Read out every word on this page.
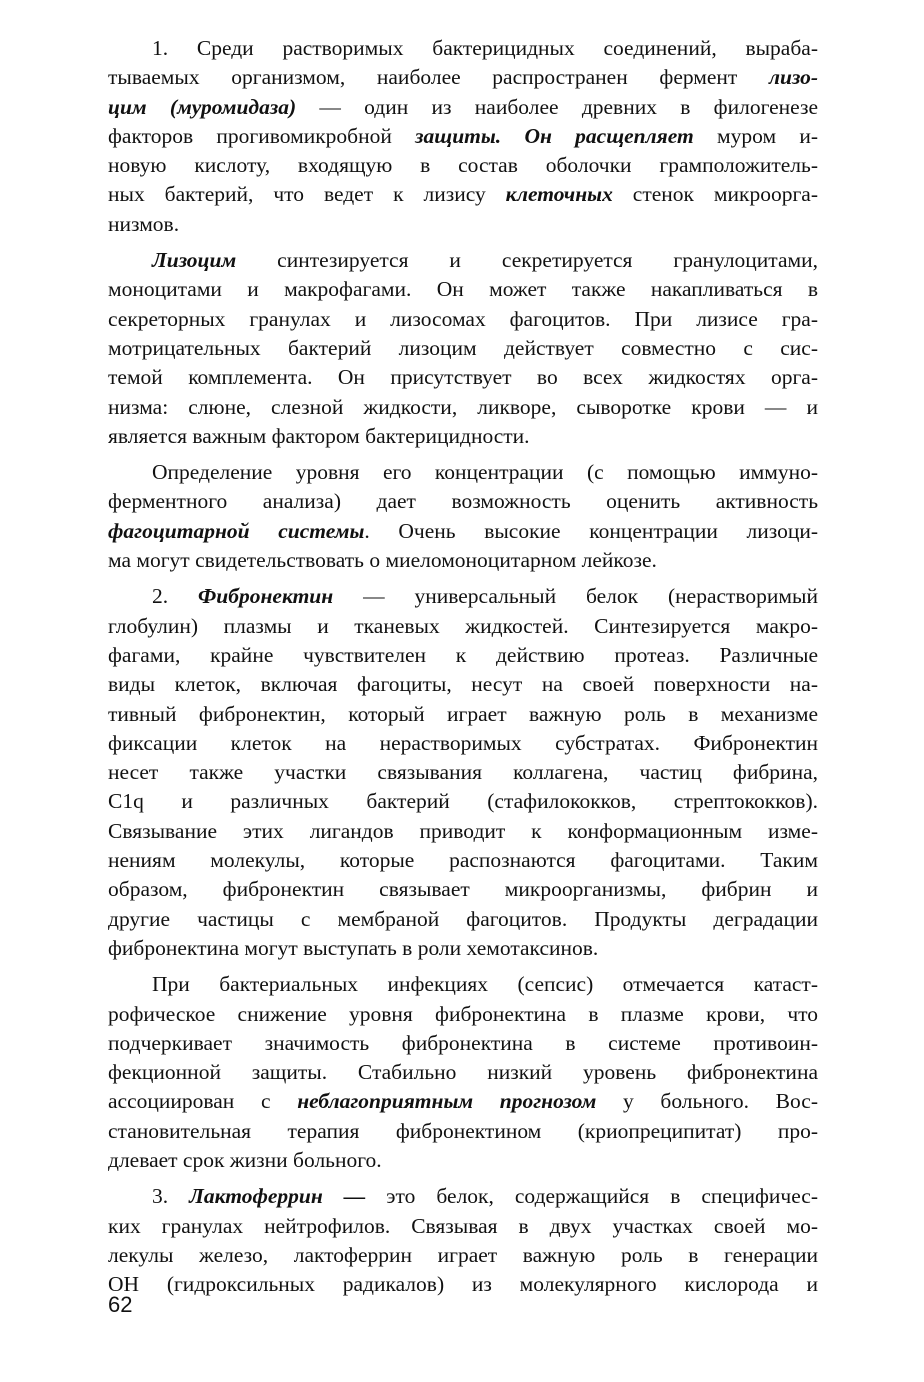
1. Среди растворимых бактерицидных соединений, выраба-
тываемых организмом, наиболее распространен фермент лизо-
цим (муромидаза) — один из наиболее древних в филогенезе
факторов прогивомикробной защиты. Он расщепляет муром и-
новую кислоту, входящую в состав оболочки грамположитель-
ных бактерий, что ведет к лизису клеточных стенок микроорга-
низмов.
Лизоцим синтезируется и секретируется гранулоцитами,
моноцитами и макрофагами. Он может также накапливаться в
секреторных гранулах и лизосомах фагоцитов. При лизисе гра-
мотрицательных бактерий лизоцим действует совместно с сис-
темой комплемента. Он присутствует во всех жидкостях орга-
низма: слюне, слезной жидкости, ликворе, сыворотке крови — и
является важным фактором бактерицидности.
Определение уровня его концентрации (с помощью иммуно-
ферментного анализа) дает возможность оценить активность
фагоцитарной системы. Очень высокие концентрации лизоци-
ма могут свидетельствовать о миеломоноцитарном лейкозе.
2. Фибронектин — универсальный белок (нерастворимый
глобулин) плазмы и тканевых жидкостей. Синтезируется макро-
фагами, крайне чувствителен к действию протеаз. Различные
виды клеток, включая фагоциты, несут на своей поверхности на-
тивный фибронектин, который играет важную роль в механизме
фиксации клеток на нерастворимых субстратах. Фибронектин
несет также участки связывания коллагена, частиц фибрина,
C1q и различных бактерий (стафилококков, стрептококков).
Связывание этих лигандов приводит к конформационным изме-
нениям молекулы, которые распознаются фагоцитами. Таким
образом, фибронектин связывает микроорганизмы, фибрин и
другие частицы с мембраной фагоцитов. Продукты деградации
фибронектина могут выступать в роли хемотаксинов.
При бактериальных инфекциях (сепсис) отмечается катаст-
рофическое снижение уровня фибронектина в плазме крови, что
подчеркивает значимость фибронектина в системе противоин-
фекционной защиты. Стабильно низкий уровень фибронектина
ассоциирован с неблагоприятным прогнозом у больного. Вос-
становительная терапия фибронектином (криопреципитат) про-
длевает срок жизни больного.
3. Лактоферрин — это белок, содержащийся в специфичес-
ких гранулах нейтрофилов. Связывая в двух участках своей мо-
лекулы железо, лактоферрин играет важную роль в генерации
OH (гидроксильных радикалов) из молекулярного кислорода и
62
